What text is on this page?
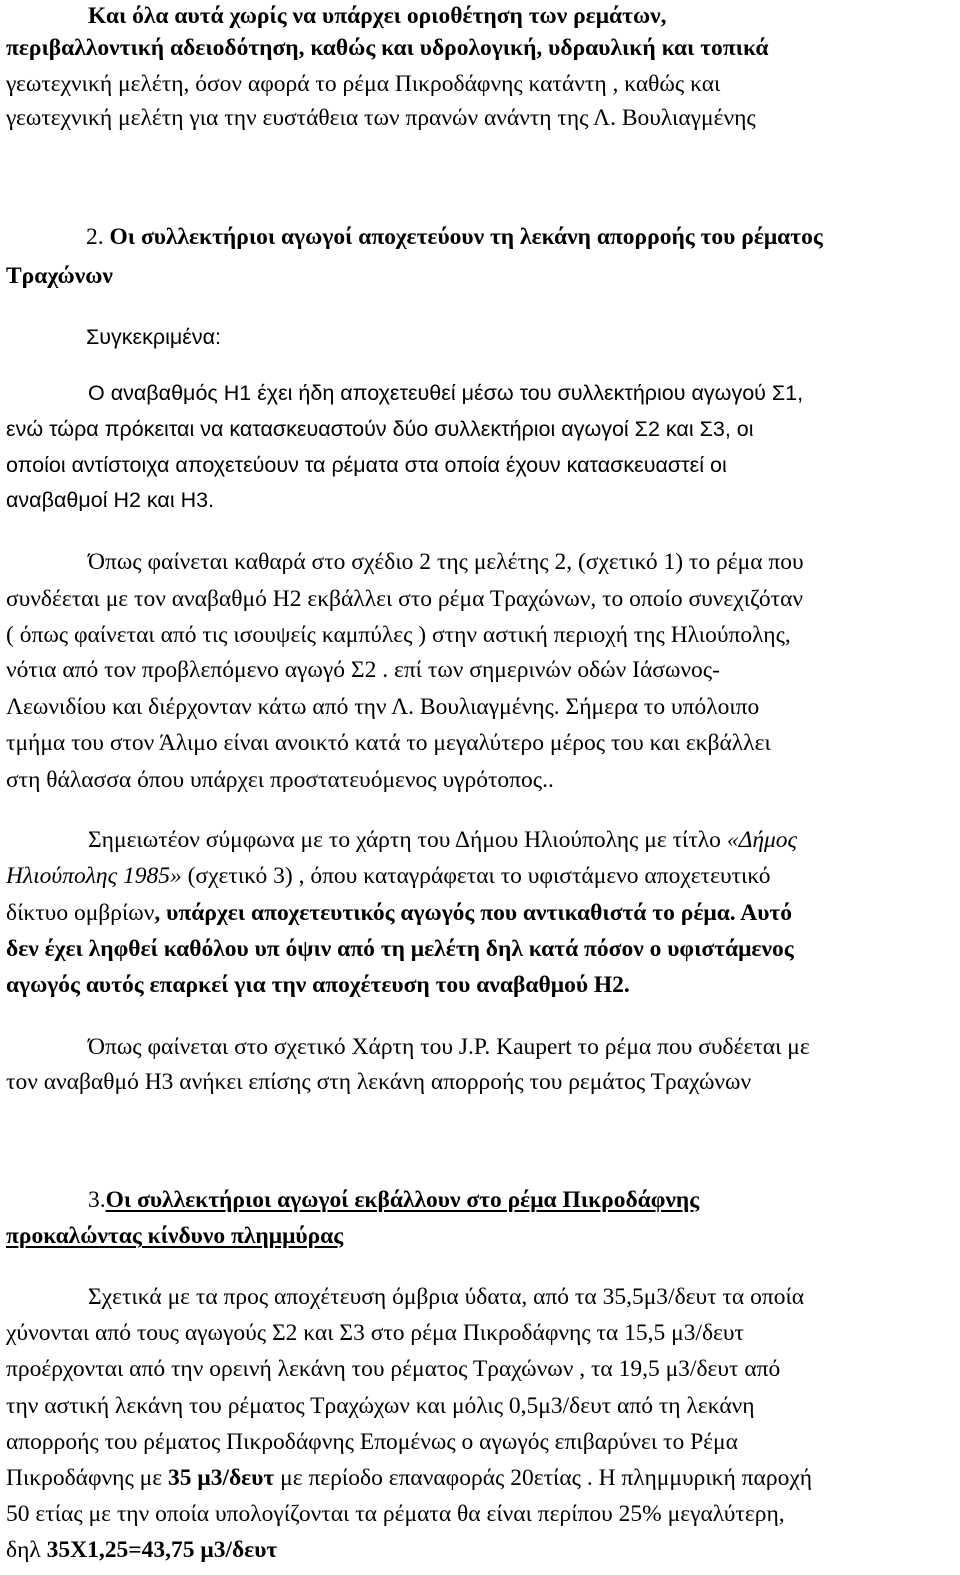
Και όλα αυτά χωρίς να υπάρχει οριοθέτηση των ρεμάτων,
περιβαλλοντική αδειοδότηση, καθώς και υδρολογική, υδραυλική και τοπικά
γεωτεχνική μελέτη, όσον αφορά το ρέμα Πικροδάφνης κατάντη , καθώς και
γεωτεχνική μελέτη για την ευστάθεια των πρανών ανάντη της Λ. Βουλιαγμένης
2. Οι συλλεκτήριοι αγωγοί αποχετεύουν τη λεκάνη απορροής του ρέματος
Τραχώνων
Συγκεκριμένα:
Ο αναβαθμός Η1 έχει ήδη αποχετευθεί μέσω του συλλεκτήριου αγωγού Σ1,
ενώ τώρα πρόκειται να κατασκευαστούν δύο συλλεκτήριοι αγωγοί Σ2 και Σ3, οι
οποίοι αντίστοιχα αποχετεύουν τα ρέματα στα οποία έχουν κατασκευαστεί οι
αναβαθμοί Η2 και Η3.
Όπως φαίνεται καθαρά στο σχέδιο 2 της μελέτης 2, (σχετικό 1) το ρέμα που
συνδέεται με τον αναβαθμό Η2 εκβάλλει στο ρέμα Τραχώνων, το οποίο συνεχιζόταν
( όπως φαίνεται από τις ισουψείς καμπύλες ) στην αστική περιοχή της Ηλιούπολης,
νότια από τον προβλεπόμενο αγωγό Σ2 . επί των σημερινών οδών Ιάσωνος-
Λεωνιδίου και διέρχονταν κάτω από την Λ. Βουλιαγμένης. Σήμερα το υπόλοιπο
τμήμα του στον Άλιμο είναι ανοικτό κατά το μεγαλύτερο μέρος του και εκβάλλει
στη θάλασσα όπου υπάρχει προστατευόμενος υγρότοπος..
Σημειωτέον σύμφωνα με το χάρτη του Δήμου Ηλιούπολης με τίτλο «Δήμος
Ηλιούπολης 1985» (σχετικό 3) , όπου καταγράφεται το υφιστάμενο αποχετευτικό
δίκτυο ομβρίων, υπάρχει αποχετευτικός αγωγός που αντικαθιστά το ρέμα. Αυτό
δεν έχει ληφθεί καθόλου υπ όψιν από τη μελέτη δηλ κατά πόσον ο υφιστάμενος
αγωγός αυτός επαρκεί για την αποχέτευση του αναβαθμού Η2.
Όπως φαίνεται στο σχετικό Χάρτη του J.P. Kaupert το ρέμα που συδέεται με
τον αναβαθμό Η3 ανήκει επίσης στη λεκάνη απορροής του ρεμάτος Τραχώνων
3.Οι συλλεκτήριοι αγωγοί εκβάλλουν στο ρέμα Πικροδάφνης
προκαλώντας κίνδυνο πλημμύρας
Σχετικά με τα προς αποχέτευση όμβρια ύδατα, από τα 35,5μ3/δευτ τα οποία
χύνονται από τους αγωγούς Σ2 και Σ3 στο ρέμα Πικροδάφνης τα 15,5 μ3/δευτ
προέρχονται από την ορεινή λεκάνη του ρέματος Τραχώνων , τα 19,5 μ3/δευτ από
την αστική λεκάνη του ρέματος Τραχώχων και μόλις 0,5μ3/δευτ από τη λεκάνη
απορροής του ρέματος Πικροδάφνης Επομένως ο αγωγός επιβαρύνει το Ρέμα
Πικροδάφνης με 35 μ3/δευτ με περίοδο επαναφοράς 20ετίας . Η πλημμυρική παροχή
50 ετίας με την οποία υπολογίζονται τα ρέματα θα είναι περίπου 25% μεγαλύτερη,
δηλ 35Χ1,25=43,75 μ3/δευτ
